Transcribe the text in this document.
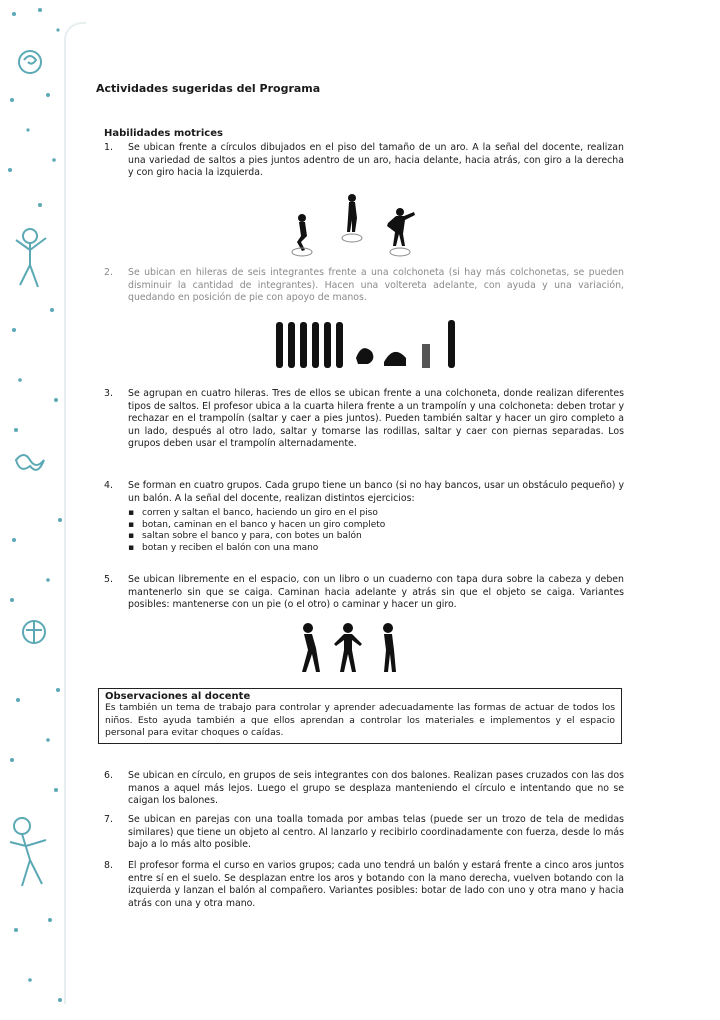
Actividades sugeridas del Programa
Habilidades motrices
1.	Se ubican frente a círculos dibujados en el piso del tamaño de un aro. A la señal del docente, realizan una variedad de saltos a pies juntos adentro de un aro, hacia delante, hacia atrás, con giro a la derecha y con giro hacia la izquierda.
2.	Se ubican en hileras de seis integrantes frente a una colchoneta (si hay más colchonetas, se pueden disminuir la cantidad de integrantes). Hacen una voltereta adelante, con ayuda y una variación, quedando en posición de pie con apoyo de manos.
3.	Se agrupan en cuatro hileras. Tres de ellos se ubican frente a una colchoneta, donde realizan diferentes tipos de saltos. El profesor ubica a la cuarta hilera frente a un trampolín y una colchoneta: deben trotar y rechazar en el trampolín (saltar y caer a pies juntos). Pueden también saltar y hacer un giro completo a un lado, después al otro lado, saltar y tomarse las rodillas, saltar y caer con piernas separadas. Los grupos deben usar el trampolín alternadamente.
4.	Se forman en cuatro grupos. Cada grupo tiene un banco (si no hay bancos, usar un obstáculo pequeño) y un balón. A la señal del docente, realizan distintos ejercicios:
▪ corren y saltan el banco, haciendo un giro en el piso
▪ botan, caminan en el banco y hacen un giro completo
▪ saltan sobre el banco y para, con botes un balón
▪ botan y reciben el balón con una mano
5.	Se ubican libremente en el espacio, con un libro o un cuaderno con tapa dura sobre la cabeza y deben mantenerlo sin que se caiga. Caminan hacia adelante y atrás sin que el objeto se caiga. Variantes posibles: mantenerse con un pie (o el otro) o caminar y hacer un giro.
Observaciones al docente
Es también un tema de trabajo para controlar y aprender adecuadamente las formas de actuar de todos los niños. Esto ayuda también a que ellos aprendan a controlar los materiales e implementos y el espacio personal para evitar choques o caídas.
6.	Se ubican en círculo, en grupos de seis integrantes con dos balones. Realizan pases cruzados con las dos manos a aquel más lejos. Luego el grupo se desplaza manteniendo el círculo e intentando que no se caigan los balones.
7.	Se ubican en parejas con una toalla tomada por ambas telas (puede ser un trozo de tela de medidas similares) que tiene un objeto al centro. Al lanzarlo y recibirlo coordinadamente con fuerza, desde lo más bajo a lo más alto posible.
8.	El profesor forma el curso en varios grupos; cada uno tendrá un balón y estará frente a cinco aros juntos entre sí en el suelo. Se desplazan entre los aros y botando con la mano derecha, vuelven botando con la izquierda y lanzan el balón al compañero. Variantes posibles: botar de lado con uno y otra mano y hacia atrás con una y otra mano.
